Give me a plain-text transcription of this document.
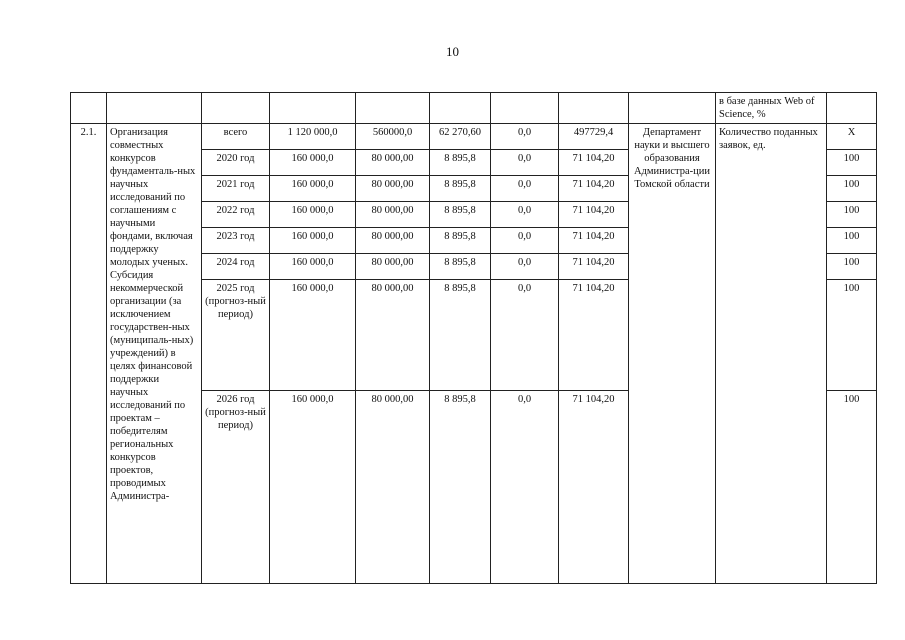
10
									в базе данных Web of Science, %	
2.1.	Организация совместных конкурсов фундаменталь-ных научных исследований по соглашениям с научными фондами, включая поддержку молодых ученых. Субсидия некоммерческой организации (за исключением государствен-ных (муниципаль-ных) учреждений) в целях финансовой поддержки научных исследований по проектам – победителям региональных конкурсов проектов, проводимых Администра-	всего	1 120 000,0	560000,0	62 270,60	0,0	497729,4	Департамент науки и высшего образования Администра-ции Томской области	Количество поданных заявок, ед.	Х
		2020 год	160 000,0	80 000,00	8 895,8	0,0	71 104,20			100
		2021 год	160 000,0	80 000,00	8 895,8	0,0	71 104,20			100
		2022 год	160 000,0	80 000,00	8 895,8	0,0	71 104,20			100
		2023 год	160 000,0	80 000,00	8 895,8	0,0	71 104,20			100
		2024 год	160 000,0	80 000,00	8 895,8	0,0	71 104,20			100
		2025 год (прогноз-ный период)	160 000,0	80 000,00	8 895,8	0,0	71 104,20			100
		2026 год (прогноз-ный период)	160 000,0	80 000,00	8 895,8	0,0	71 104,20			100
